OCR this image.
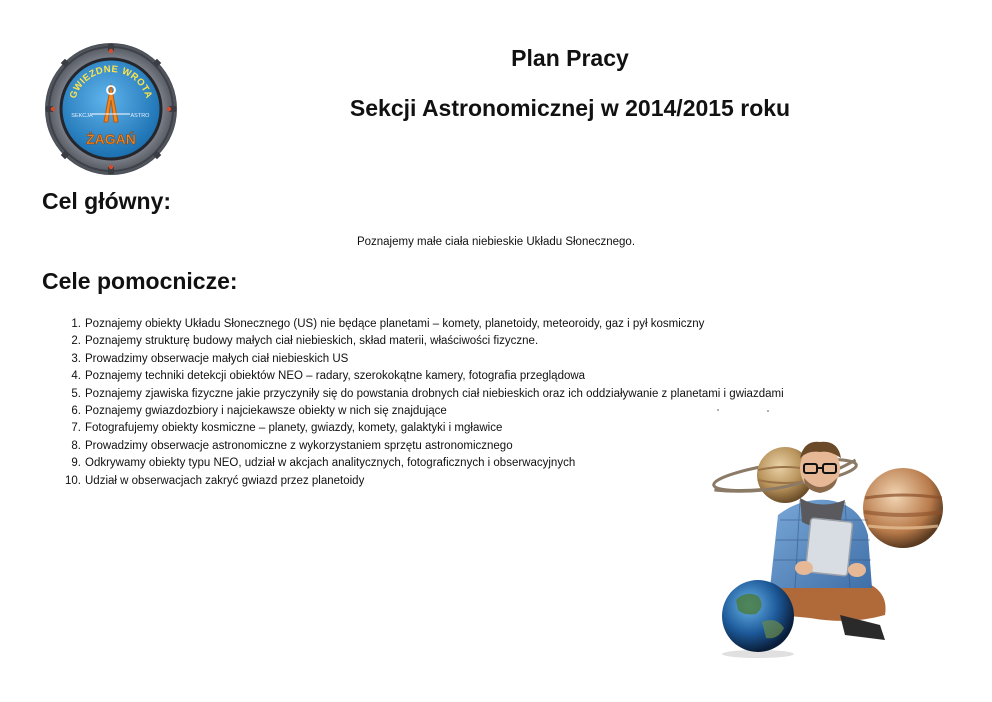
GWIEZDNE WROTA
SEKCJA	ASTRO
ŻAGAŃ
Plan Pracy
Sekcji Astronomicznej w 2014/2015 roku
Cel główny:
Poznajemy małe ciała niebieskie Układu Słonecznego.
Cele pomocnicze:
1. Poznajemy obiekty Układu Słonecznego (US) nie będące planetami – komety, planetoidy, meteoroidy, gaz i pył kosmiczny
2. Poznajemy strukturę budowy małych ciał niebieskich, skład materii, właściwości fizyczne.
3. Prowadzimy obserwacje małych ciał niebieskich US
4. Poznajemy techniki detekcji obiektów NEO – radary, szerokokątne kamery, fotografia przeglądowa
5. Poznajemy zjawiska fizyczne jakie przyczyniły się do powstania drobnych ciał niebieskich oraz ich oddziaływanie z planetami i gwiazdami
6. Poznajemy gwiazdozbiory i najciekawsze obiekty w nich się znajdujące
7. Fotografujemy obiekty kosmiczne – planety, gwiazdy, komety, galaktyki i mgławice
8. Prowadzimy obserwacje astronomiczne z wykorzystaniem sprzętu astronomicznego
9. Odkrywamy obiekty typu NEO, udział w akcjach analitycznych, fotograficznych i obserwacyjnych
10. Udział w obserwacjach zakryć gwiazd przez planetoidy
